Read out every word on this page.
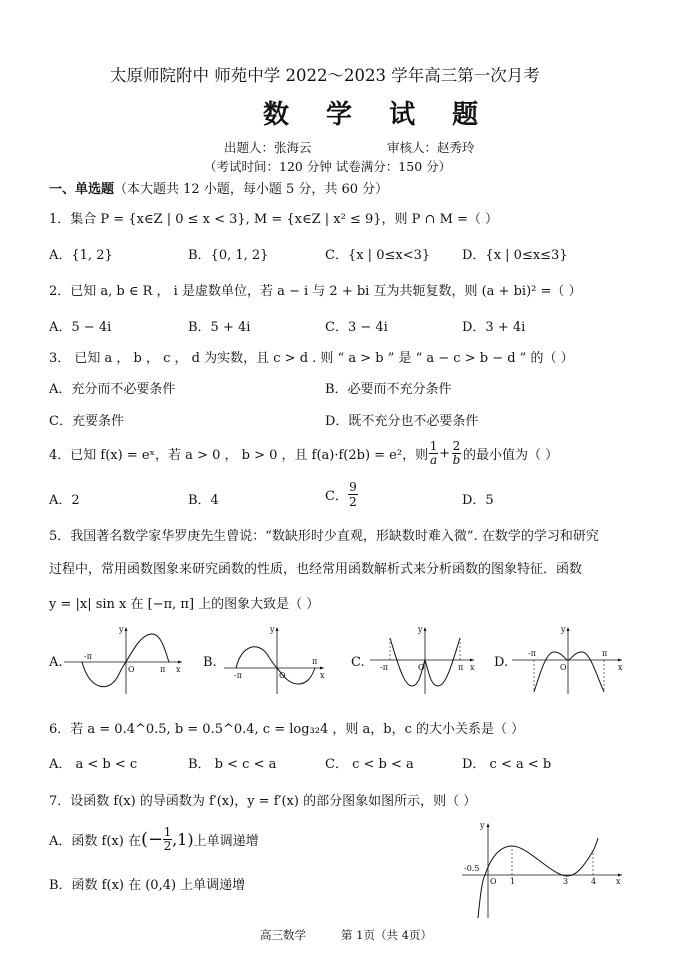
太原师院附中 师苑中学 2022～2023 学年高三第一次月考
数 学 试 题
出题人：张海云	审核人：赵秀玲
（考试时间：120 分钟 试卷满分：150 分）
一、单选题（本大题共 12 小题，每小题 5 分，共 60 分）
1．集合 P = {x∈Z | 0 ≤ x < 3}, M = {x∈Z | x² ≤ 9}，则 P ∩ M =（ ）
A．{1, 2}	B．{0, 1, 2}	C．{x | 0≤x<3} D．{x | 0≤x≤3}
2．已知 a, b ∈ R ， i 是虚数单位，若 a − i 与 2 + bi 互为共轭复数，则 (a + bi)² =（ ）
A．5 − 4i	B．5 + 4i	C．3 − 4i	D．3 + 4i
3． 已知 a ， b ， c ， d 为实数，且 c > d . 则 “ a > b ” 是 “ a − c > b − d ” 的（ ）
A．充分而不必要条件	B．必要而不充分条件
C．充要条件	D．既不充分也不必要条件
4．已知 f(x) = eˣ，若 a > 0 ， b > 0 ，且 f(a)·f(2b) = e²，则
1
a + 2
b 的最小值为（ ）
A．2	B．4	C．
9
2	D．5
5．我国著名数学家华罗庚先生曾说：“数缺形时少直观，形缺数时难入微”. 在数学的学习和研究
过程中，常用函数图象来研究函数的性质，也经常用函数解析式来分析函数的图象特征．函数
y = |x| sin x 在 [−π, π] 上的图象大致是（ ）
A.	B.	C.	D.
-π
π x
y
O
-π
π
x
y
O
-π	π x
y
O
-π	π
x
y
O
6．若 a = 0.4^0.5, b = 0.5^0.4, c = log₃₂4 ，则 a，b，c 的大小关系是（ ）
A． a < b < c	B． b < c < a	C． c < b < a	D． c < a < b
7．设函数 f(x) 的导函数为 f′(x)，y = f′(x) 的部分图象如图所示，则（ ）
A．函数 f(x) 在 (− 1
2 ,1) 上单调递增
B．函数 f(x) 在 (0,4) 上单调递增
-0.5
O 1	3	4 x
y
高三数学	第 1页（共 4页）
